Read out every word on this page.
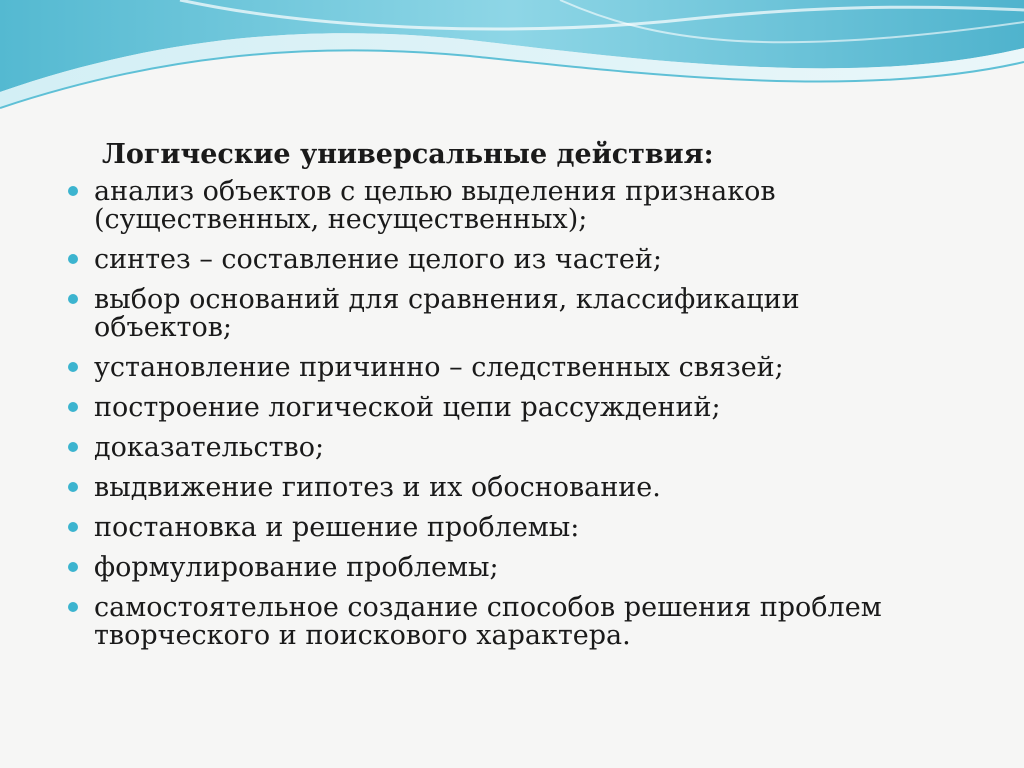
Логические универсальные действия:
анализ объектов с целью выделения признаков
(существенных, несущественных);
синтез – составление целого из частей;
выбор оснований для сравнения, классификации
объектов;
установление причинно – следственных связей;
построение логической цепи рассуждений;
доказательство;
выдвижение гипотез и их обоснование.
постановка и решение проблемы:
формулирование проблемы;
самостоятельное создание способов решения проблем
творческого и поискового характера.
